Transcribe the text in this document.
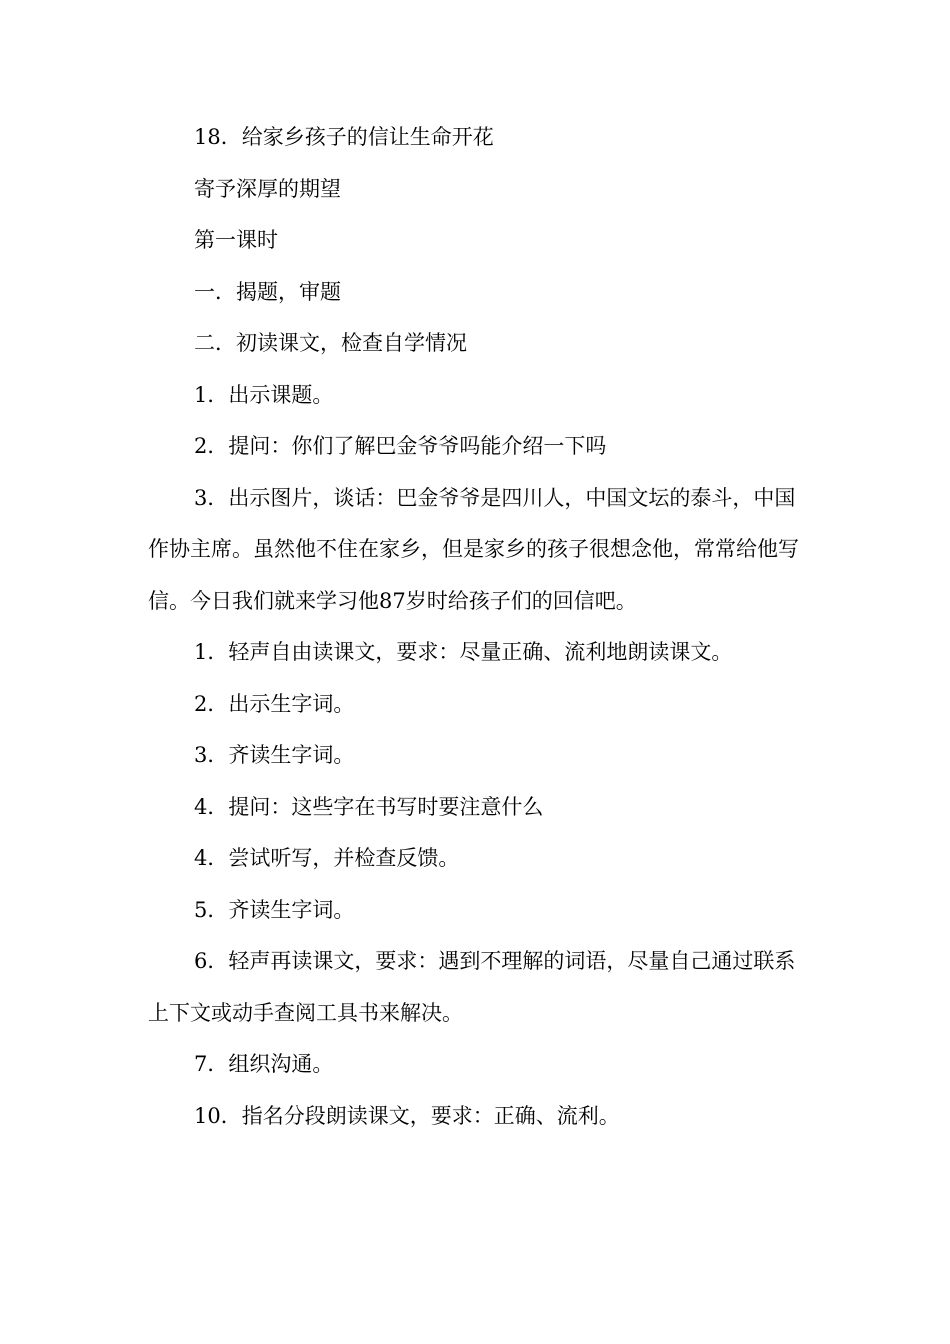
18．给家乡孩子的信让生命开花

寄予深厚的期望

第一课时

一．揭题，审题

二．初读课文，检查自学情况

1．出示课题。

2．提问：你们了解巴金爷爷吗能介绍一下吗

3．出示图片，谈话：巴金爷爷是四川人，中国文坛的泰斗，中国作协主席。虽然他不住在家乡，但是家乡的孩子很想念他，常常给他写信。今日我们就来学习他87岁时给孩子们的回信吧。

1．轻声自由读课文，要求：尽量正确、流利地朗读课文。

2．出示生字词。

3．齐读生字词。

4．提问：这些字在书写时要注意什么

4．尝试听写，并检查反馈。

5．齐读生字词。

6．轻声再读课文，要求：遇到不理解的词语，尽量自己通过联系上下文或动手查阅工具书来解决。

7．组织沟通。

10．指名分段朗读课文，要求：正确、流利。
